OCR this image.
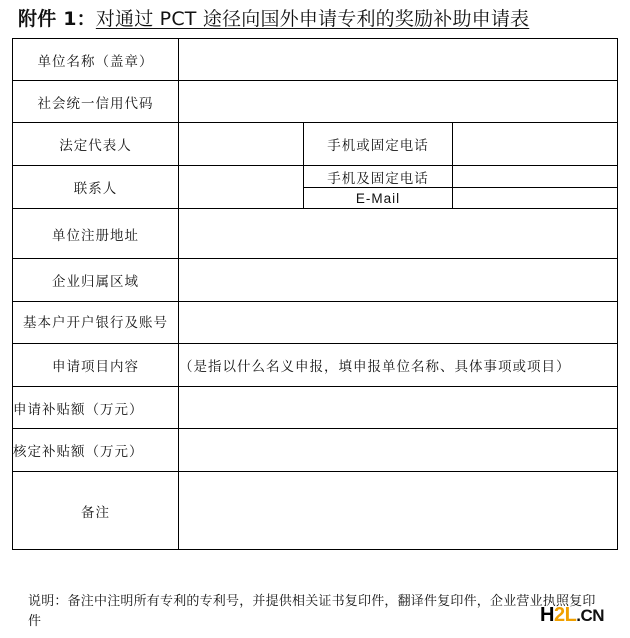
附件 1：对通过 PCT 途径向国外申请专利的奖励补助申请表
单位名称（盖章）			
社会统一信用代码			
法定代表人		手机或固定电话	
联系人		手机及固定电话	
		E-Mail	
单位注册地址			
企业归属区域			
基本户开户银行及账号			
申请项目内容	（是指以什么名义申报，填申报单位名称、具体事项或项目）		
申请补贴额（万元）			
核定补贴额（万元）			
备注			
说明：备注中注明所有专利的专利号，并提供相关证书复印件，翻译件复印件，企业营业执照复印件	H2L.CN
